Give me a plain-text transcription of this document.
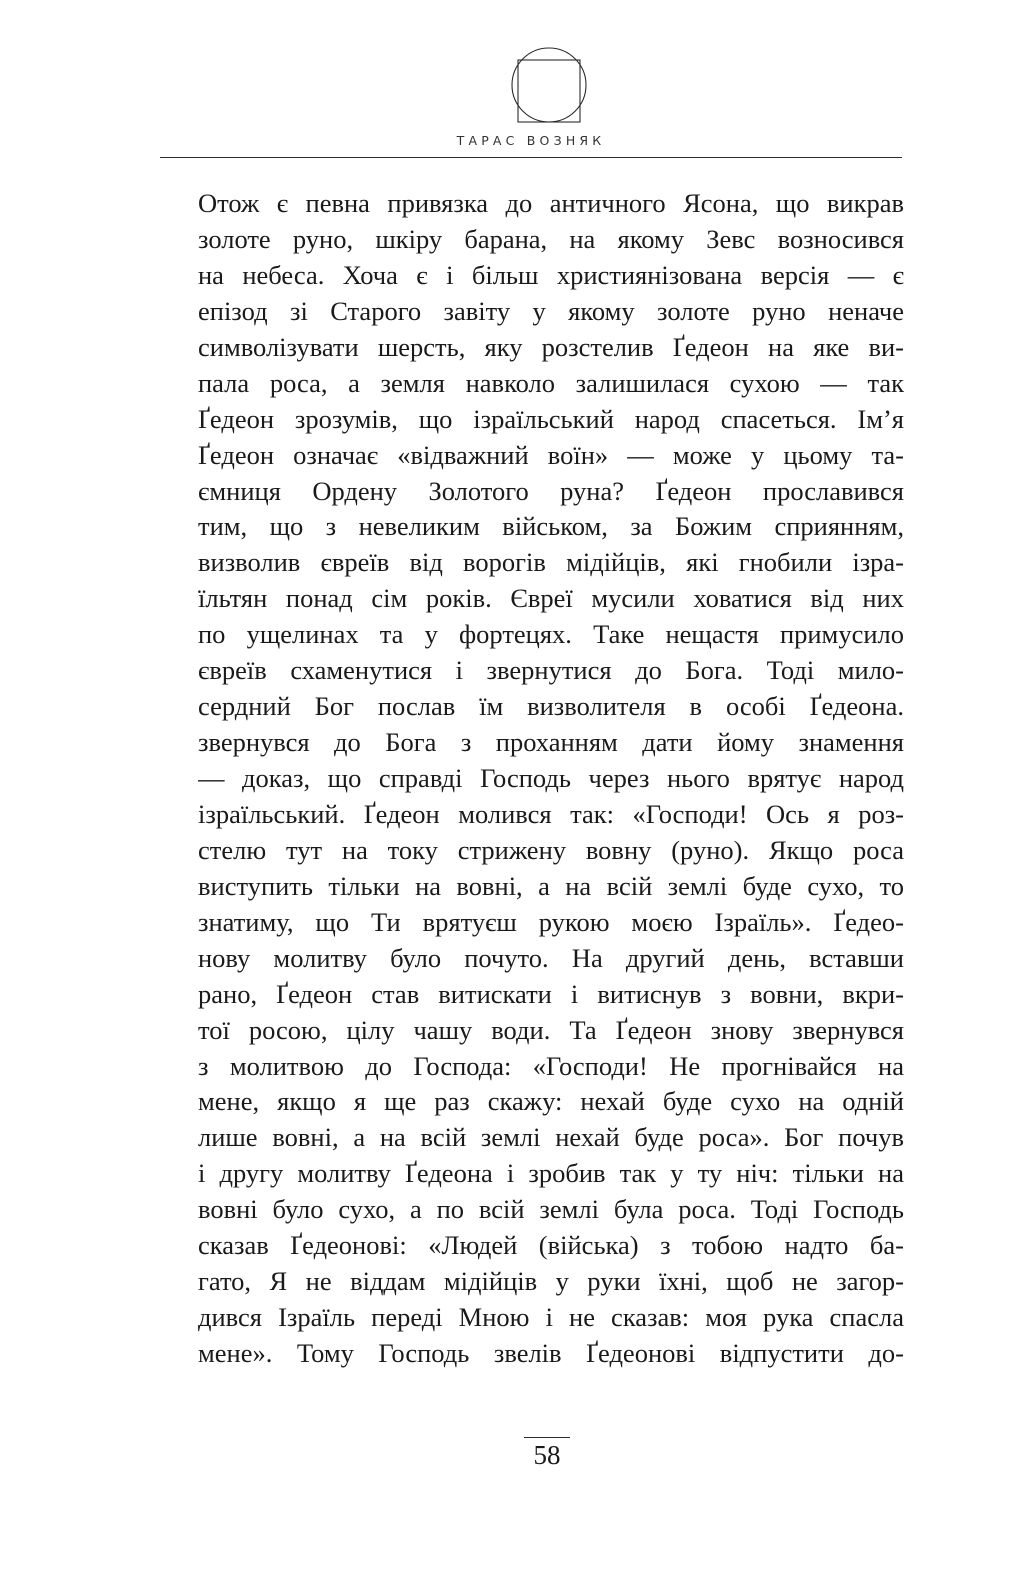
ТАРАС ВОЗНЯК
Отож є певна привязка до античного Ясона, що викрав
золоте руно, шкіру барана, на якому Зевс возносився
на небеса. Хоча є і більш християнізована версія — є
епізод зі Старого завіту у якому золоте руно неначе
символізувати шерсть, яку розстелив Ґедеон на яке ви-
пала роса, а земля навколо залишилася сухою — так
Ґедеон зрозумів, що ізраїльський народ спасеться. Ім’я
Ґедеон означає «відважний воїн» — може у цьому та-
ємниця Ордену Золотого руна? Ґедеон прославився
тим, що з невеликим військом, за Божим сприянням,
визволив євреїв від ворогів мідійців, які гнобили ізра-
їльтян понад сім років. Євреї мусили ховатися від них
по ущелинах та у фортецях. Таке нещастя примусило
євреїв схаменутися і звернутися до Бога. Тоді мило-
сердний Бог послав їм визволителя в особі Ґедеона.
звернувся до Бога з проханням дати йому знамення
— доказ, що справді Господь через нього врятує народ
ізраїльський. Ґедеон молився так: «Господи! Ось я роз-
стелю тут на току стрижену вовну (руно). Якщо роса
виступить тільки на вовні, а на всій землі буде сухо, то
знатиму, що Ти врятуєш рукою моєю Ізраїль». Ґедео-
нову молитву було почуто. На другий день, вставши
рано, Ґедеон став витискати і витиснув з вовни, вкри-
тої росою, цілу чашу води. Та Ґедеон знову звернувся
з молитвою до Господа: «Господи! Не прогнівайся на
мене, якщо я ще раз скажу: нехай буде сухо на одній
лише вовні, а на всій землі нехай буде роса». Бог почув
і другу молитву Ґедеона і зробив так у ту ніч: тільки на
вовні було сухо, а по всій землі була роса. Тоді Господь
сказав Ґедеонові: «Людей (війська) з тобою надто ба-
гато, Я не віддам мідійців у руки їхні, щоб не загор-
дився Ізраїль переді Мною і не сказав: моя рука спасла
мене». Тому Господь звелів Ґедеонові відпустити до-
58
